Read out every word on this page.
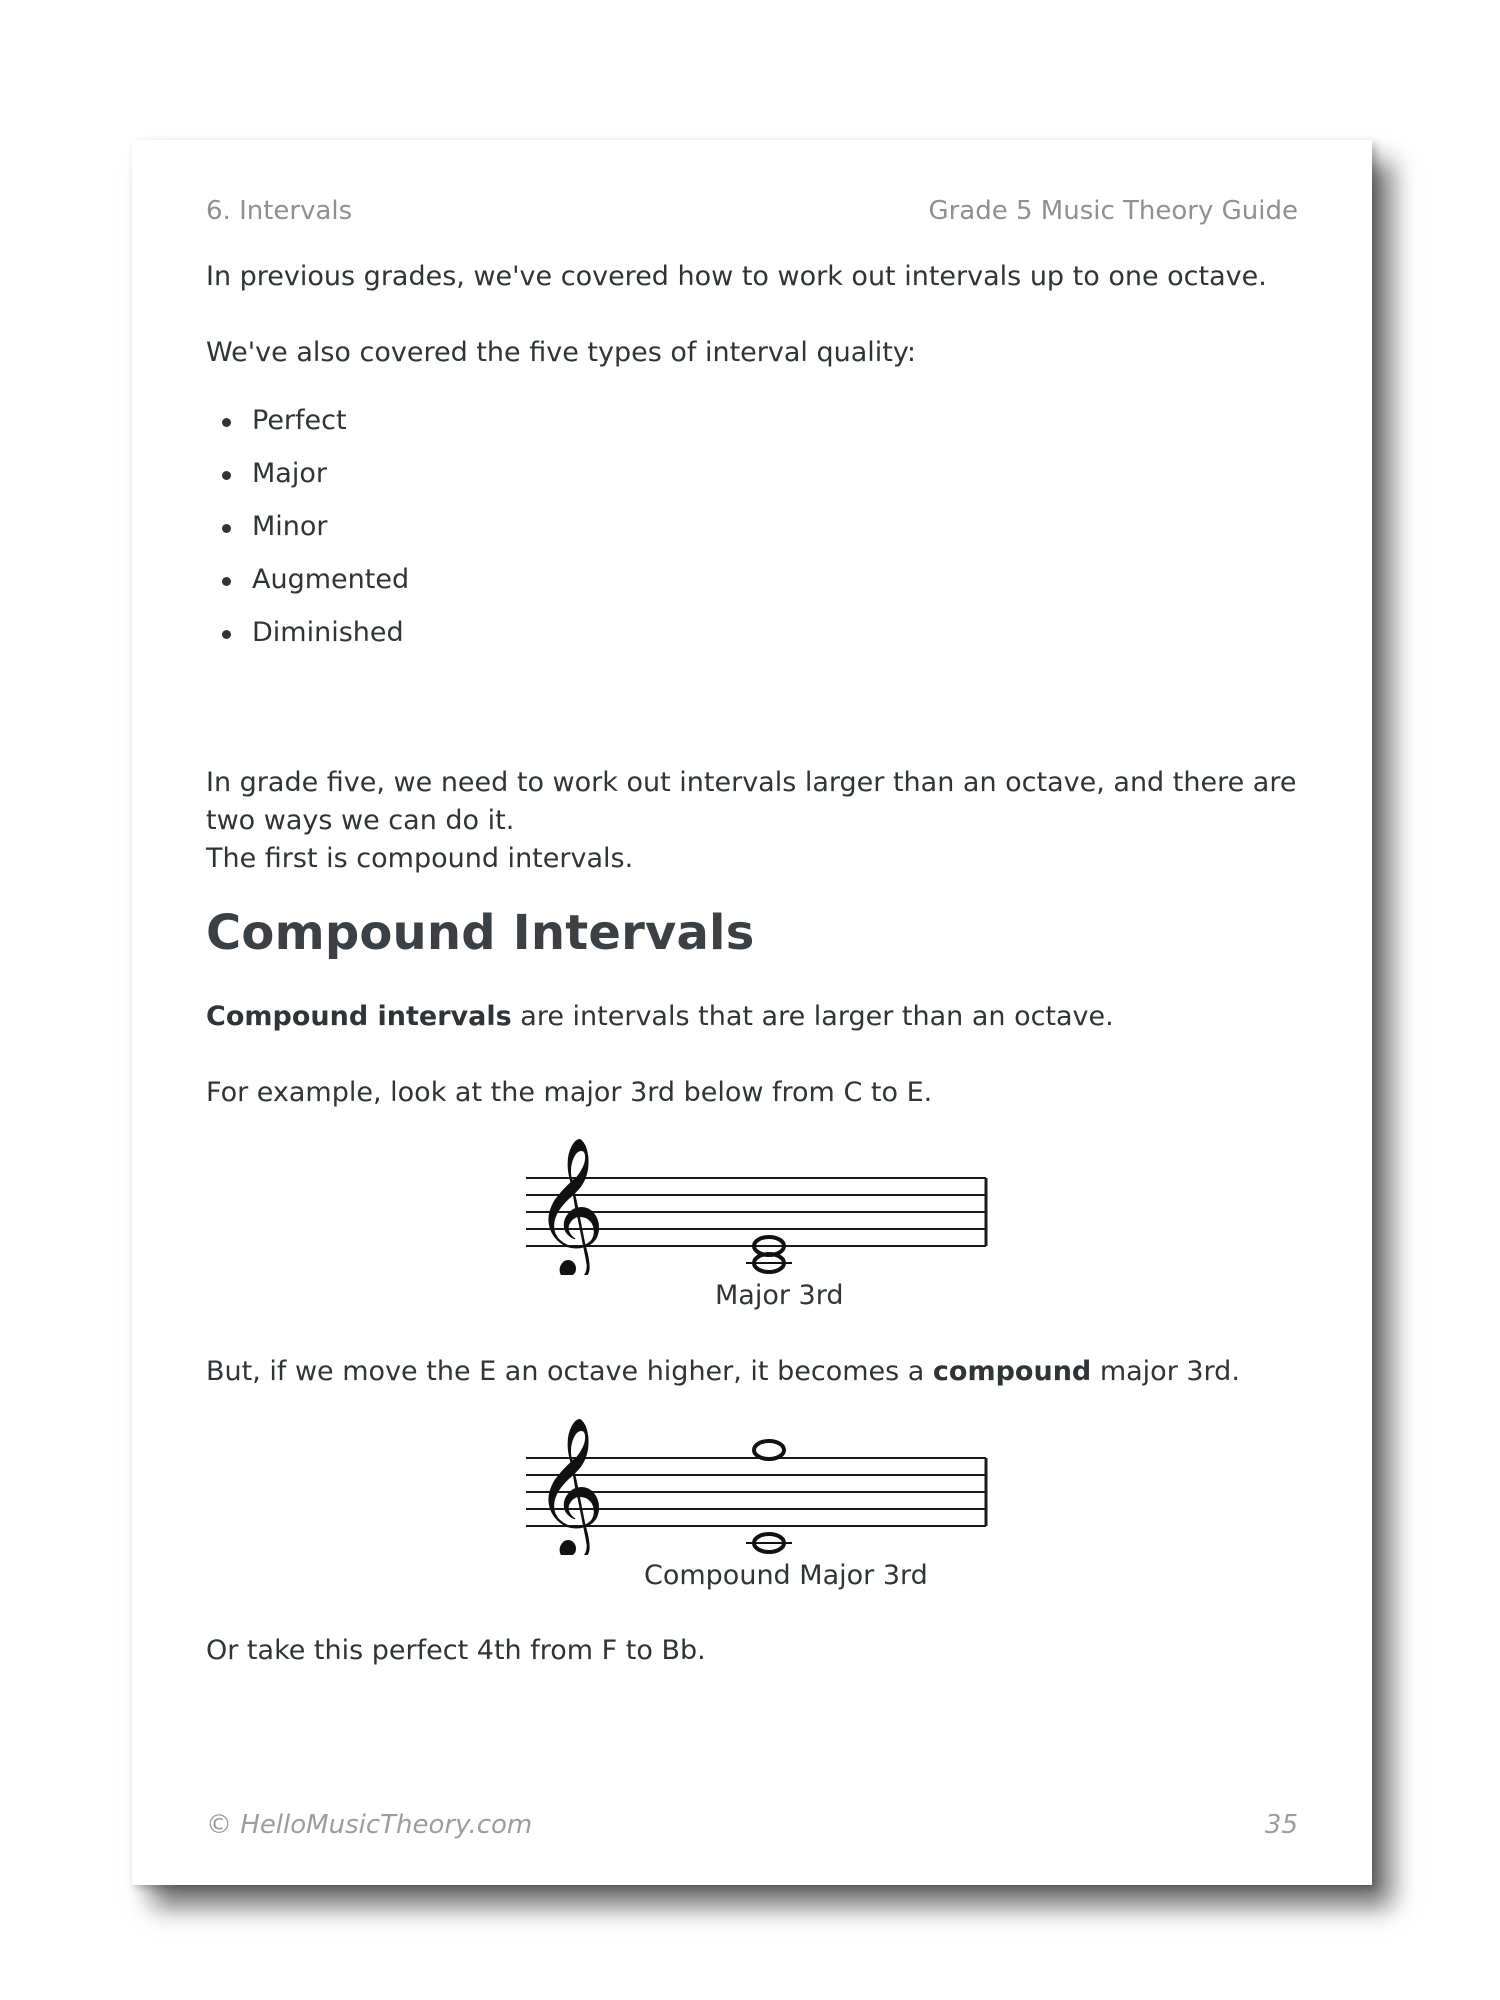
6. Intervals	Grade 5 Music Theory Guide
In previous grades, we've covered how to work out intervals up to one octave.
We've also covered the five types of interval quality:
Perfect
Major
Minor
Augmented
Diminished
In grade five, we need to work out intervals larger than an octave, and there are two ways we can do it.
The first is compound intervals.
Compound Intervals
Compound intervals are intervals that are larger than an octave.
For example, look at the major 3rd below from C to E.
𝄞
Major 3rd
But, if we move the E an octave higher, it becomes a compound major 3rd.
𝄞
Compound Major 3rd
Or take this perfect 4th from F to Bb.
© HelloMusicTheory.com	35
